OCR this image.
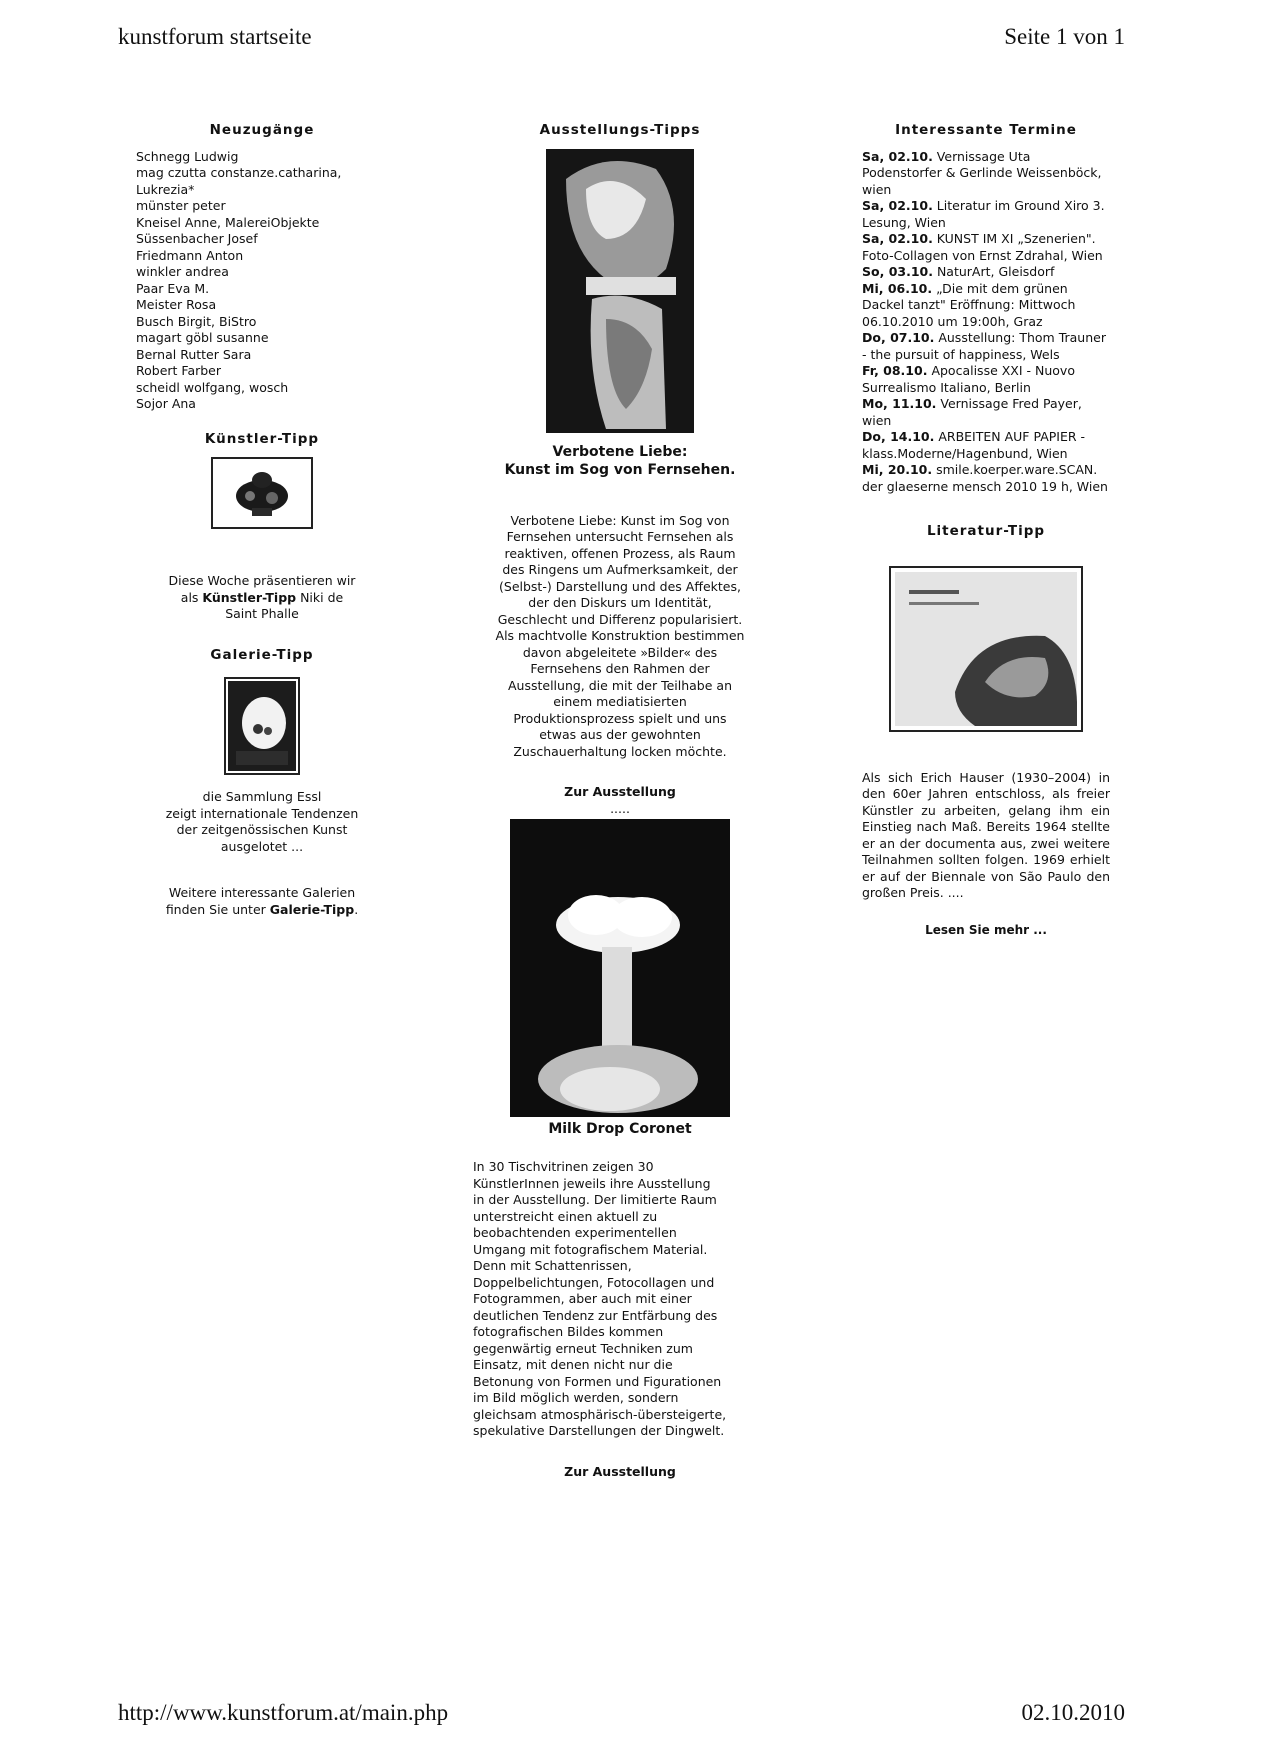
kunstforum startseite	Seite 1 von 1
Neuzugänge
Schnegg Ludwig
mag czutta constanze.catharina,
Lukrezia*
münster peter
Kneisel Anne, MalereiObjekte
Süssenbacher Josef
Friedmann Anton
winkler andrea
Paar Eva M.
Meister Rosa
Busch Birgit, BiStro
magart göbl susanne
Bernal Rutter Sara
Robert Farber
scheidl wolfgang, wosch
Sojor Ana
Künstler-Tipp
Diese Woche präsentieren wir
als Künstler-Tipp Niki de
Saint Phalle
Galerie-Tipp
die Sammlung Essl
zeigt internationale Tendenzen
der zeitgenössischen Kunst
ausgelotet ...
Weitere interessante Galerien
finden Sie unter Galerie-Tipp.
Ausstellungs-Tipps
Verbotene Liebe:
Kunst im Sog von Fernsehen.
Verbotene Liebe: Kunst im Sog von
Fernsehen untersucht Fernsehen als
reaktiven, offenen Prozess, als Raum
des Ringens um Aufmerksamkeit, der
(Selbst-) Darstellung und des Affektes,
der den Diskurs um Identität,
Geschlecht und Differenz popularisiert.
Als machtvolle Konstruktion bestimmen
davon abgeleitete »Bilder« des
Fernsehens den Rahmen der
Ausstellung, die mit der Teilhabe an
einem mediatisierten
Produktionsprozess spielt und uns
etwas aus der gewohnten
Zuschauerhaltung locken möchte.
Zur Ausstellung
.....
Milk Drop Coronet
In 30 Tischvitrinen zeigen 30
KünstlerInnen jeweils ihre Ausstellung
in der Ausstellung. Der limitierte Raum
unterstreicht einen aktuell zu
beobachtenden experimentellen
Umgang mit fotografischem Material.
Denn mit Schattenrissen,
Doppelbelichtungen, Fotocollagen und
Fotogrammen, aber auch mit einer
deutlichen Tendenz zur Entfärbung des
fotografischen Bildes kommen
gegenwärtig erneut Techniken zum
Einsatz, mit denen nicht nur die
Betonung von Formen und Figurationen
im Bild möglich werden, sondern
gleichsam atmosphärisch-übersteigerte,
spekulative Darstellungen der Dingwelt.
Zur Ausstellung
Interessante Termine
Sa, 02.10. Vernissage Uta Podenstorfer & Gerlinde Weissenböck, wien
Sa, 02.10. Literatur im Ground Xiro 3. Lesung, Wien
Sa, 02.10. KUNST IM XI „Szenerien". Foto-Collagen von Ernst Zdrahal, Wien
So, 03.10. NaturArt, Gleisdorf
Mi, 06.10. „Die mit dem grünen Dackel tanzt" Eröffnung: Mittwoch 06.10.2010 um 19:00h, Graz
Do, 07.10. Ausstellung: Thom Trauner - the pursuit of happiness, Wels
Fr, 08.10. Apocalisse XXI - Nuovo Surrealismo Italiano, Berlin
Mo, 11.10. Vernissage Fred Payer, wien
Do, 14.10. ARBEITEN AUF PAPIER - klass.Moderne/Hagenbund, Wien
Mi, 20.10. smile.koerper.ware.SCAN. der glaeserne mensch 2010 19 h, Wien
Literatur-Tipp
Als sich Erich Hauser (1930–2004) in den 60er Jahren entschloss, als freier Künstler zu arbeiten, gelang ihm ein Einstieg nach Maß. Bereits 1964 stellte er an der documenta aus, zwei weitere Teilnahmen sollten folgen. 1969 erhielt er auf der Biennale von São Paulo den großen Preis. ....
Lesen Sie mehr ...
http://www.kunstforum.at/main.php	02.10.2010
